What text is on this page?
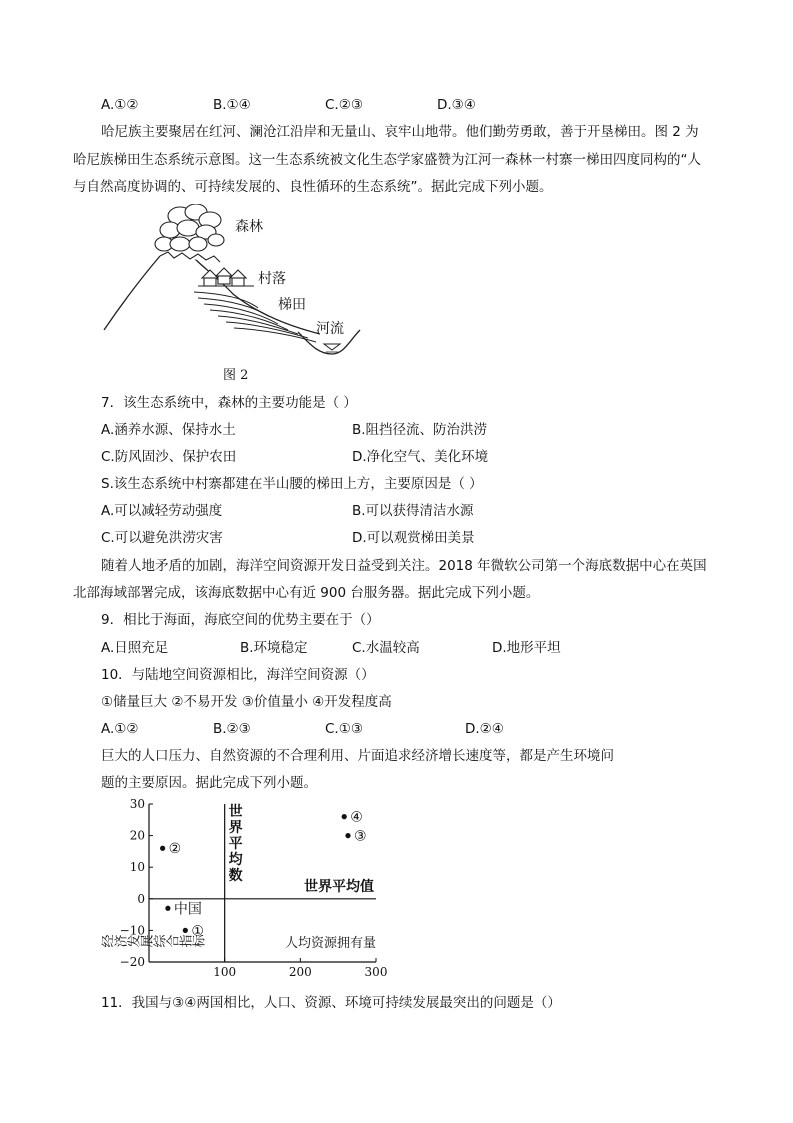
A.①②	B.①④	C.②③	D.③④
哈尼族主要聚居在红河、澜沧江沿岸和无量山、哀牢山地带。他们勤劳勇敢，善于开垦梯田。图 2 为
哈尼族梯田生态系统示意图。这一生态系统被文化生态学家盛赞为江河一森林一村寨一梯田四度同构的“人
与自然高度协调的、可持续发展的、良性循环的生态系统”。据此完成下列小题。
森林
村落
梯田
河流
图 2
7．该生态系统中，森林的主要功能是（ ）
A.涵养水源、保持水土	B.阻挡径流、防治洪涝
C.防风固沙、保护农田	D.净化空气、美化环境
S.该生态系统中村寨都建在半山腰的梯田上方，主要原因是（ ）
A.可以减轻劳动强度	B.可以获得清洁水源
C.可以避免洪涝灾害	D.可以观赏梯田美景
随着人地矛盾的加剧，海洋空间资源开发日益受到关注。2018 年微软公司第一个海底数据中心在英国
北部海域部署完成，该海底数据中心有近 900 台服务器。据此完成下列小题。
9．相比于海面，海底空间的优势主要在于（）
A.日照充足	B.环境稳定	C.水温较高	D.地形平坦
10．与陆地空间资源相比，海洋空间资源（）
①储量巨大 ②不易开发 ③价值量小 ④开发程度高
A.①②	B.②③	C.①③	D.②④
巨大的人口压力、自然资源的不合理利用、片面追求经济增长速度等，都是产生环境问
题的主要原因。据此完成下列小题。
30
20
10
0
−10
−20
100	200	300
世界平均数
世界平均值
②
中国
①
④
③
经济发展综合指标	人均资源拥有量
11．我国与③④两国相比，人口、资源、环境可持续发展最突出的问题是（）
